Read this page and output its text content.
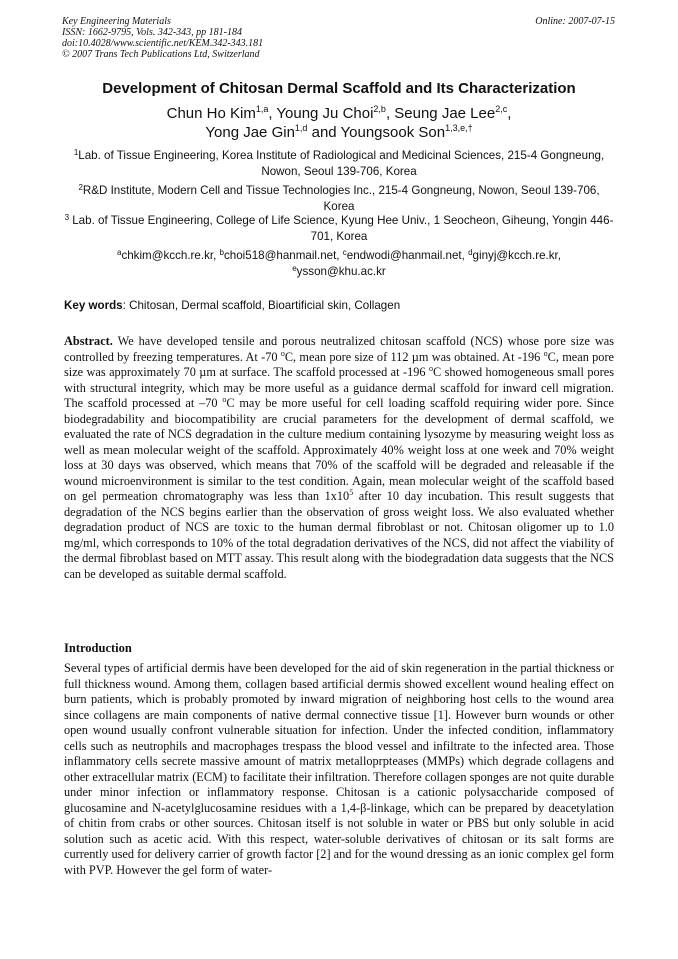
Key Engineering Materials
ISSN: 1662-9795, Vols. 342-343, pp 181-184
doi:10.4028/www.scientific.net/KEM.342-343.181
© 2007 Trans Tech Publications Ltd, Switzerland
Online: 2007-07-15
Development of Chitosan Dermal Scaffold and Its Characterization
Chun Ho Kim$^{1,a}$, Young Ju Choi$^{2,b}$, Seung Jae Lee$^{2,c}$,
Yong Jae Gin$^{1,d}$ and Youngsook Son$^{1,3,e,\dagger}$
$^1$Lab. of Tissue Engineering, Korea Institute of Radiological and Medicinal Sciences, 215-4 Gongneung, Nowon, Seoul 139-706, Korea
$^2$R&D Institute, Modern Cell and Tissue Technologies Inc., 215-4 Gongneung, Nowon, Seoul 139-706, Korea
$^3$ Lab. of Tissue Engineering, College of Life Science, Kyung Hee Univ., 1 Seocheon, Giheung, Yongin 446-701, Korea
$^a$chkim@kcch.re.kr, $^b$choi518@hanmail.net, $^c$endwodi@hanmail.net, $^d$ginyj@kcch.re.kr,
$^e$ysson@khu.ac.kr
Key words: Chitosan, Dermal scaffold, Bioartificial skin, Collagen

Abstract. We have developed tensile and porous neutralized chitosan scaffold (NCS) whose pore size was controlled by freezing temperatures. At -70 $^o$C, mean pore size of 112 µm was obtained. At -196 $^o$C, mean pore size was approximately 70 µm at surface. The scaffold processed at -196 $^o$C showed homogeneous small pores with structural integrity, which may be more useful as a guidance dermal scaffold for inward cell migration. The scaffold processed at –70 $^o$C may be more useful for cell loading scaffold requiring wider pore. Since biodegradability and biocompatibility are crucial parameters for the development of dermal scaffold, we evaluated the rate of NCS degradation in the culture medium containing lysozyme by measuring weight loss as well as mean molecular weight of the scaffold. Approximately 40% weight loss at one week and 70% weight loss at 30 days was observed, which means that 70% of the scaffold will be degraded and releasable if the wound microenvironment is similar to the test condition. Again, mean molecular weight of the scaffold based on gel permeation chromatography was less than $1x10^5$ after 10 day incubation. This result suggests that degradation of the NCS begins earlier than the observation of gross weight loss. We also evaluated whether degradation product of NCS are toxic to the human dermal fibroblast or not. Chitosan oligomer up to 1.0 mg/ml, which corresponds to 10% of the total degradation derivatives of the NCS, did not affect the viability of the dermal fibroblast based on MTT assay. This result along with the biodegradation data suggests that the NCS can be developed as suitable dermal scaffold.

Introduction

Several types of artificial dermis have been developed for the aid of skin regeneration in the partial thickness or full thickness wound. Among them, collagen based artificial dermis showed excellent wound healing effect on burn patients, which is probably promoted by inward migration of neighboring host cells to the wound area since collagens are main components of native dermal connective tissue [1]. However burn wounds or other open wound usually confront vulnerable situation for infection. Under the infected condition, inflammatory cells such as neutrophils and macrophages trespass the blood vessel and infiltrate to the infected area. Those inflammatory cells secrete massive amount of matrix metalloprpteases (MMPs) which degrade collagens and other extracellular matrix (ECM) to facilitate their infiltration. Therefore collagen sponges are not quite durable under minor infection or inflammatory response. Chitosan is a cationic polysaccharide composed of glucosamine and N-acetylglucosamine residues with a 1,4-β-linkage, which can be prepared by deacetylation of chitin from crabs or other sources. Chitosan itself is not soluble in water or PBS but only soluble in acid solution such as acetic acid. With this respect, water-soluble derivatives of chitosan or its salt forms are currently used for delivery carrier of growth factor [2] and for the wound dressing as an ionic complex gel form with PVP. However the gel form of water-
